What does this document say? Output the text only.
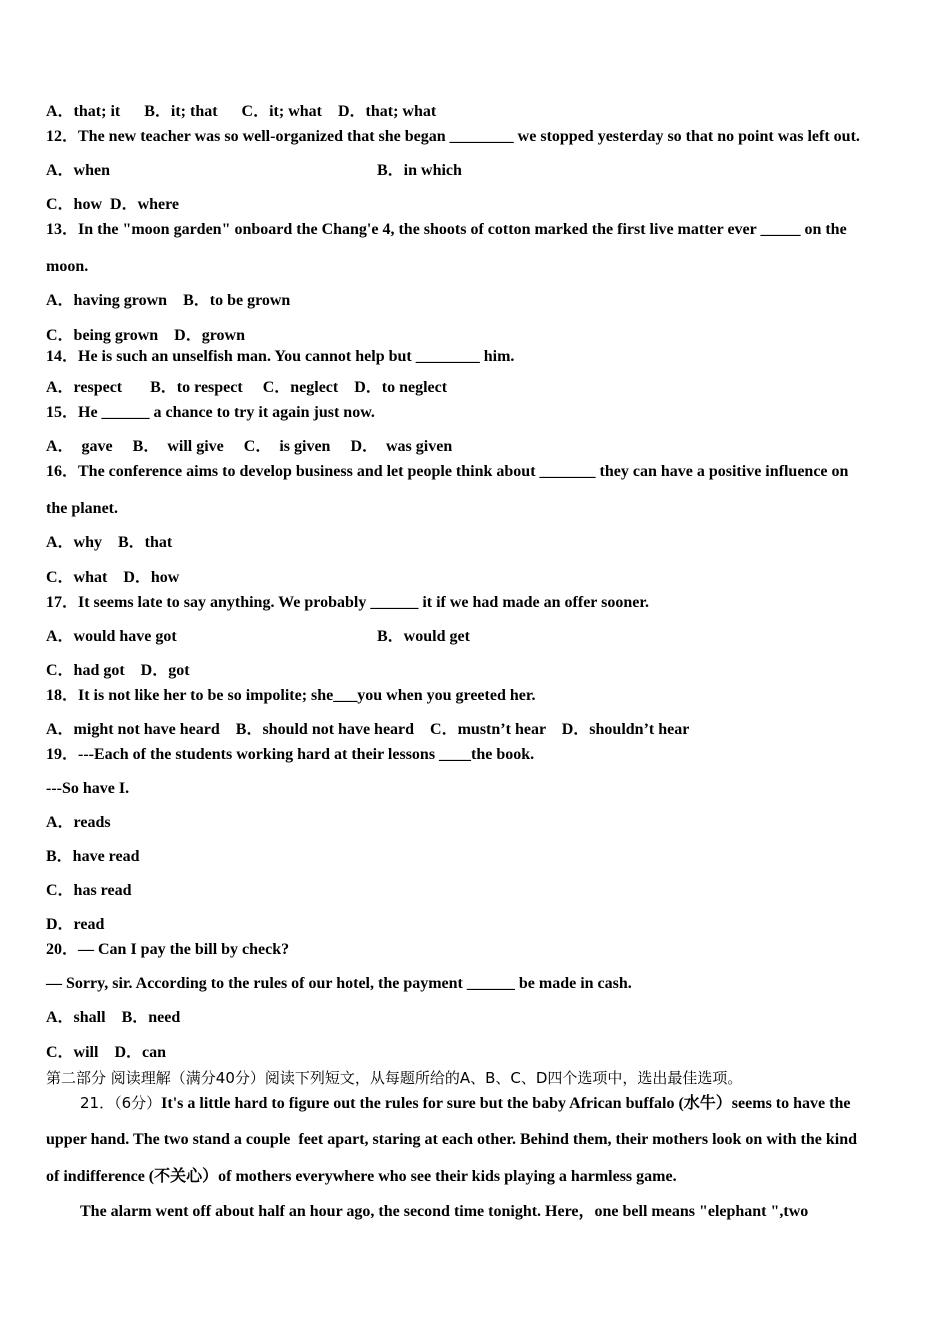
A．that; it      B．it; that      C．it; what    D．that; what
12．The new teacher was so well-organized that she began ________ we stopped yesterday so that no point was left out.
A．when	B．in which
C．how  D．where
13．In the "moon garden" onboard the Chang'e 4, the shoots of cotton marked the first live matter ever _____ on the
moon.
A．having grown    B．to be grown
C．being grown    D．grown
14．He is such an unselfish man. You cannot help but ________ him.
A．respect       B．to respect     C．neglect    D．to neglect
15．He ______ a chance to try it again just now.
A．  gave     B．  will give     C．  is given     D．  was given
16．The conference aims to develop business and let people think about _______ they can have a positive influence on
the planet.
A．why    B．that
C．what    D．how
17．It seems late to say anything. We probably ______ it if we had made an offer sooner.
A．would have got	B．would get
C．had got    D．got
18．It is not like her to be so impolite; she___you when you greeted her.
A．might not have heard    B．should not have heard    C．mustn’t hear    D．shouldn’t hear
19．---Each of the students working hard at their lessons ____the book.
---So have I.
A．reads
B．have read
C．has read
D．read
20．— Can I pay the bill by check?
— Sorry, sir. According to the rules of our hotel, the payment ______ be made in cash.
A．shall    B．need
C．will    D．can
第二部分 阅读理解（满分40分）阅读下列短文，从每题所给的A、B、C、D四个选项中，选出最佳选项。
21．（6分）It's a little hard to figure out the rules for sure but the baby African buffalo (水牛）seems to have the
upper hand. The two stand a couple  feet apart, staring at each other. Behind them, their mothers look on with the kind
of indifference (不关心）of mothers everywhere who see their kids playing a harmless game.
The alarm went off about half an hour ago, the second time tonight. Here，one bell means "elephant ",two
